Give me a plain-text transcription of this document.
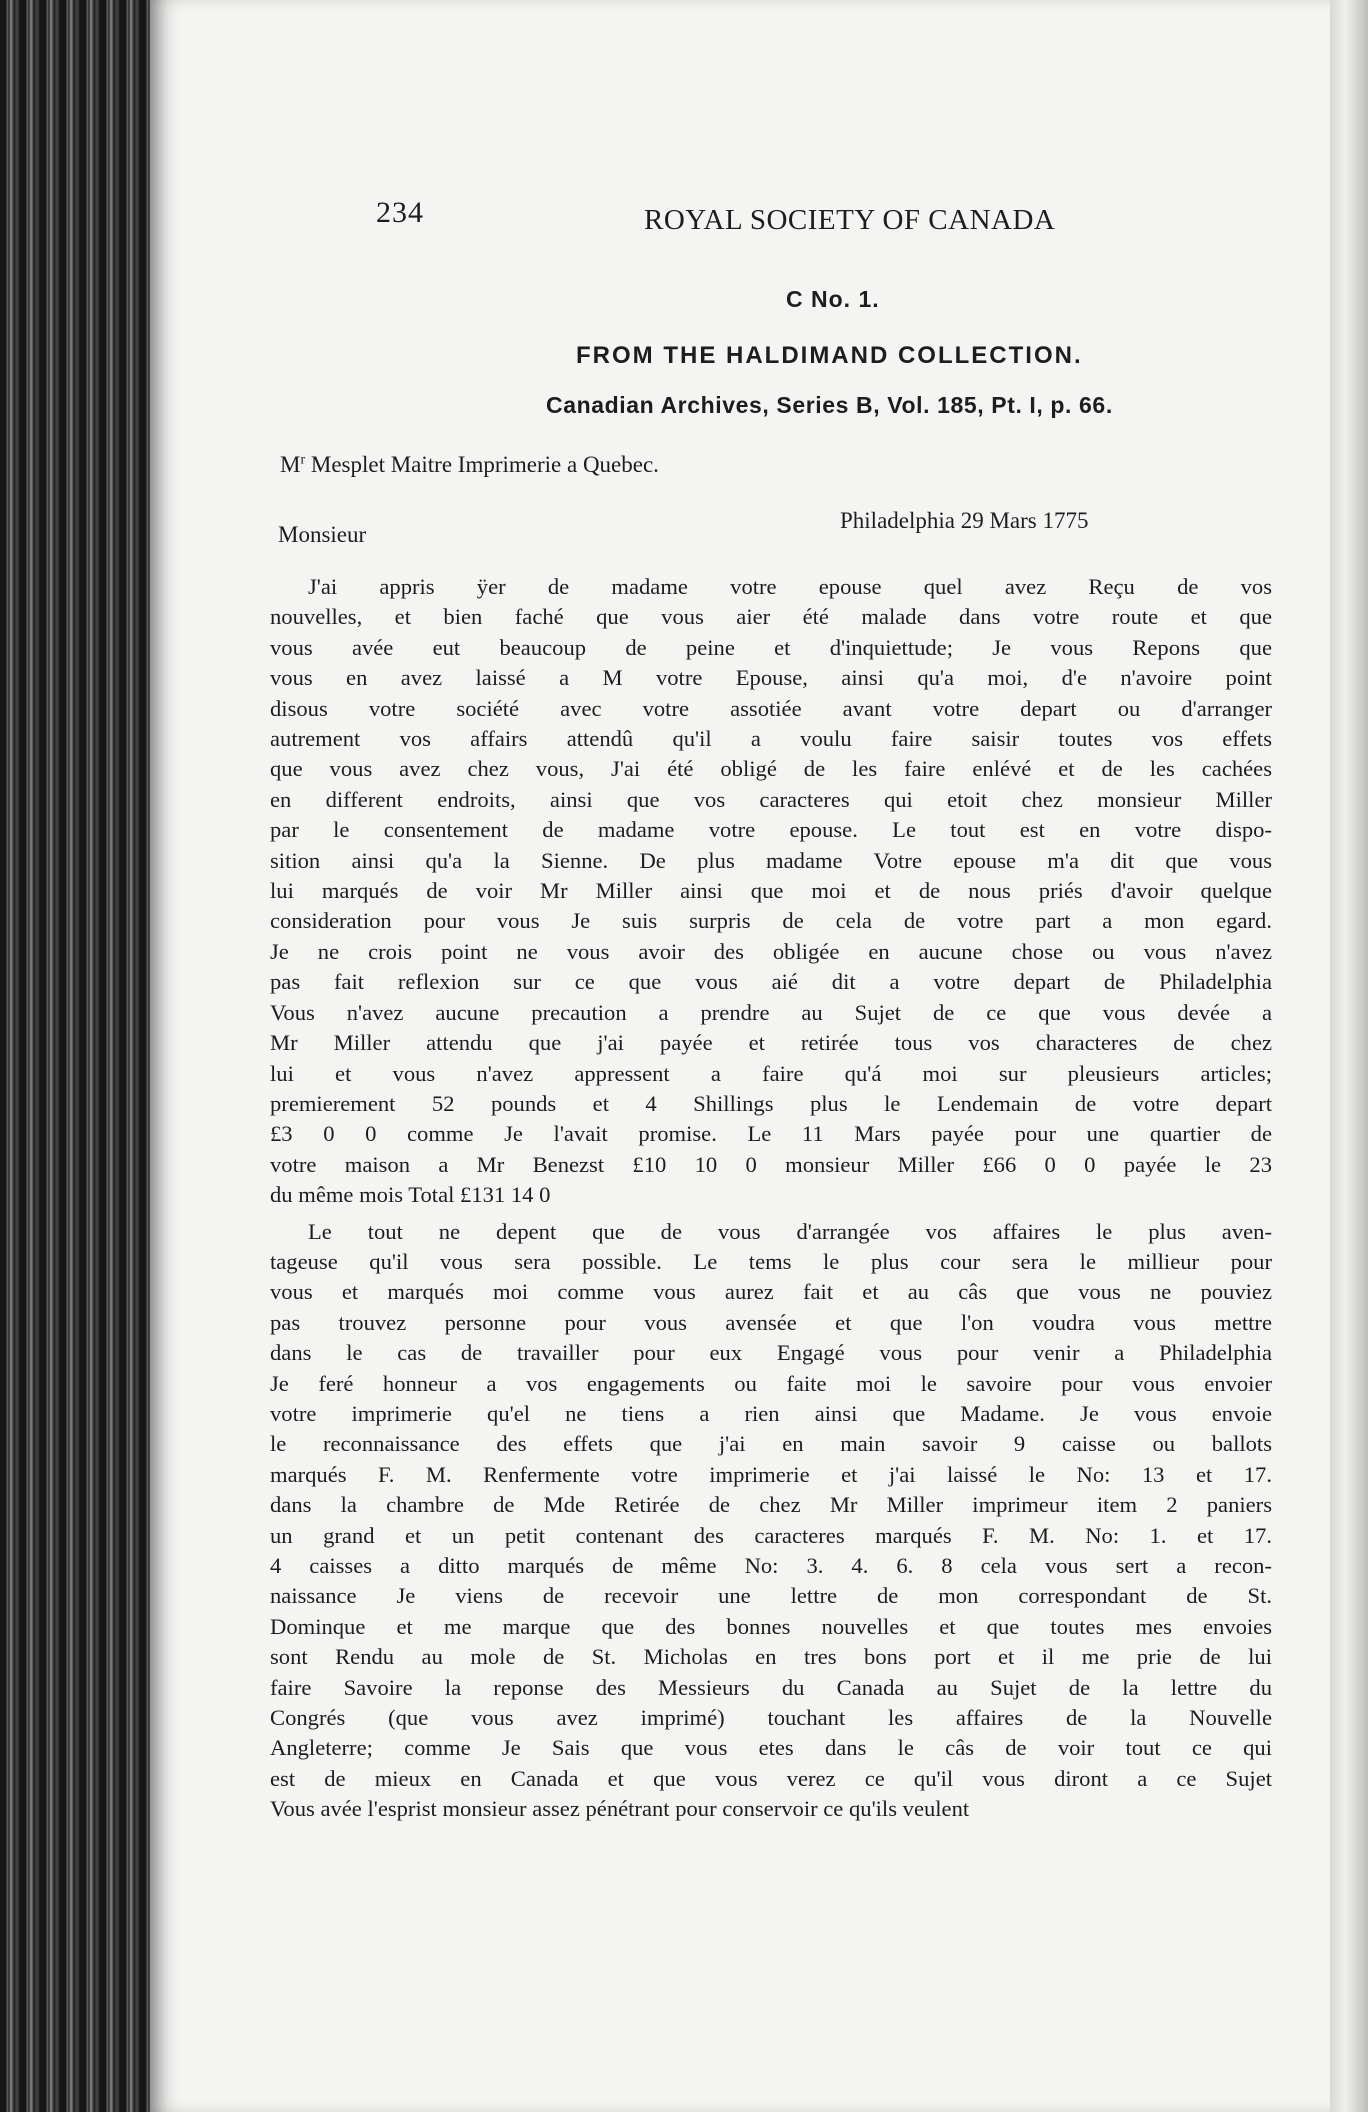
234	ROYAL SOCIETY OF CANADA
C No. 1.
FROM THE HALDIMAND COLLECTION.
Canadian Archives, Series B, Vol. 185, Pt. I, p. 66.
$M^r$ Mesplet Maitre Imprimerie a Quebec.
Monsieur
Philadelphia 29 Mars 1775
J'ai appris ÿer de madame votre epouse quel avez Reçu de vos
nouvelles, et bien faché que vous aier été malade dans votre route et que
vous avée eut beaucoup de peine et d'inquiettude; Je vous Repons que
vous en avez laissé a M votre Epouse, ainsi qu'a moi, d'e n'avoire point
disous votre société avec votre assotiée avant votre depart ou d'arranger
autrement vos affairs attendû qu'il a voulu faire saisir toutes vos effets
que vous avez chez vous, J'ai été obligé de les faire enlévé et de les cachées
en different endroits, ainsi que vos caracteres qui etoit chez monsieur Miller
par le consentement de madame votre epouse. Le tout est en votre dispo-
sition ainsi qu'a la Sienne. De plus madame Votre epouse m'a dit que vous
lui marqués de voir Mr Miller ainsi que moi et de nous priés d'avoir quelque
consideration pour vous Je suis surpris de cela de votre part a mon egard.
Je ne crois point ne vous avoir des obligée en aucune chose ou vous n'avez
pas fait reflexion sur ce que vous aié dit a votre depart de Philadelphia
Vous n'avez aucune precaution a prendre au Sujet de ce que vous devée a
Mr Miller attendu que j'ai payée et retirée tous vos characteres de chez
lui et vous n'avez appressent a faire qu'á moi sur pleusieurs articles;
premierement 52 pounds et 4 Shillings plus le Lendemain de votre depart
£3 0 0 comme Je l'avait promise. Le 11 Mars payée pour une quartier de
votre maison a Mr Benezst £10 10 0 monsieur Miller £66 0 0 payée le 23
du même mois Total £131 14 0
Le tout ne depent que de vous d'arrangée vos affaires le plus aven-
tageuse qu'il vous sera possible. Le tems le plus cour sera le millieur pour
vous et marqués moi comme vous aurez fait et au câs que vous ne pouviez
pas trouvez personne pour vous avensée et que l'on voudra vous mettre
dans le cas de travailler pour eux Engagé vous pour venir a Philadelphia
Je feré honneur a vos engagements ou faite moi le savoire pour vous envoier
votre imprimerie qu'el ne tiens a rien ainsi que Madame. Je vous envoie
le reconnaissance des effets que j'ai en main savoir 9 caisse ou ballots
marqués F. M. Renfermente votre imprimerie et j'ai laissé le No: 13 et 17.
dans la chambre de Mde Retirée de chez Mr Miller imprimeur item 2 paniers
un grand et un petit contenant des caracteres marqués F. M. No: 1. et 17.
4 caisses a ditto marqués de même No: 3. 4. 6. 8 cela vous sert a recon-
naissance Je viens de recevoir une lettre de mon correspondant de St.
Dominque et me marque que des bonnes nouvelles et que toutes mes envoies
sont Rendu au mole de St. Micholas en tres bons port et il me prie de lui
faire Savoire la reponse des Messieurs du Canada au Sujet de la lettre du
Congrés (que vous avez imprimé) touchant les affaires de la Nouvelle
Angleterre; comme Je Sais que vous etes dans le câs de voir tout ce qui
est de mieux en Canada et que vous verez ce qu'il vous diront a ce Sujet
Vous avée l'esprist monsieur assez pénétrant pour conservoir ce qu'ils veulent
